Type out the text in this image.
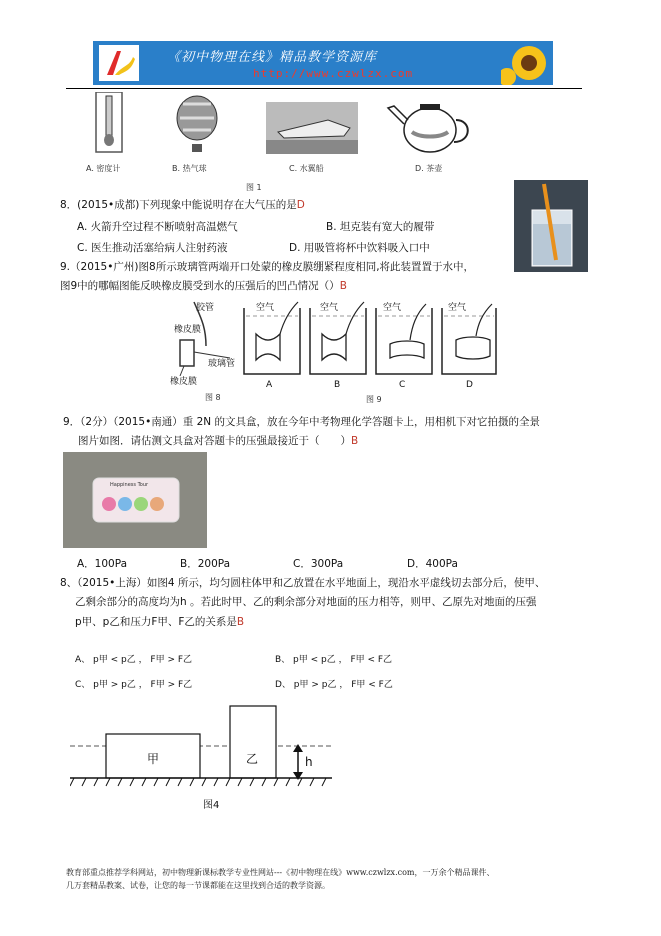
《初中物理在线》精品教学资源库
http://www.czwlzx.com
A. 密度计	B. 热气球	C. 水翼船	D. 茶壶
图 1
8．(2015•成都)下列现象中能说明存在大气压的是D
A. 火箭升空过程不断喷射高温燃气	B. 坦克装有宽大的履带
C. 医生推动活塞给病人注射药液	D. 用吸管将杯中饮料吸入口中
9.（2015•广州)图8所示玻璃管两端开口处蒙的橡皮膜绷紧程度相同,将此装置置于水中，
图9中的哪幅图能反映橡皮膜受到水的压强后的凹凸情况（）B
胶管
橡皮膜
玻璃管
橡皮膜
图 8
空气	空气	空气	空气
A	B	C	D
图 9
9．（2分）（2015•南通）重 2N 的文具盒，放在今年中考物理化学答题卡上，用相机下对它拍摄的全景
图片如图．请估测文具盒对答题卡的压强最接近于（　　）B
Happiness Tour
A．100Pa	B．200Pa	C．300Pa	D．400Pa
8、（2015•上海）如图4 所示，均匀圆柱体甲和乙放置在水平地面上，现沿水平虚线切去部分后，使甲、
乙剩余部分的高度均为h 。若此时甲、乙的剩余部分对地面的压力相等，则甲、乙原先对地面的压强
p甲、p乙和压力F甲、F乙的关系是B
A、 p甲 < p乙 ， F甲 > F乙	B、 p甲 < p乙 ， F甲 < F乙
C、 p甲 > p乙 ， F甲 > F乙	D、 p甲 > p乙 ， F甲 < F乙
甲	乙	h
图4
教育部重点推荐学科网站，初中物理新课标教学专业性网站---《初中物理在线》www.czwlzx.com，一万余个精品课件、
几万套精品教案、试卷，让您的每一节课都能在这里找到合适的教学资源。
